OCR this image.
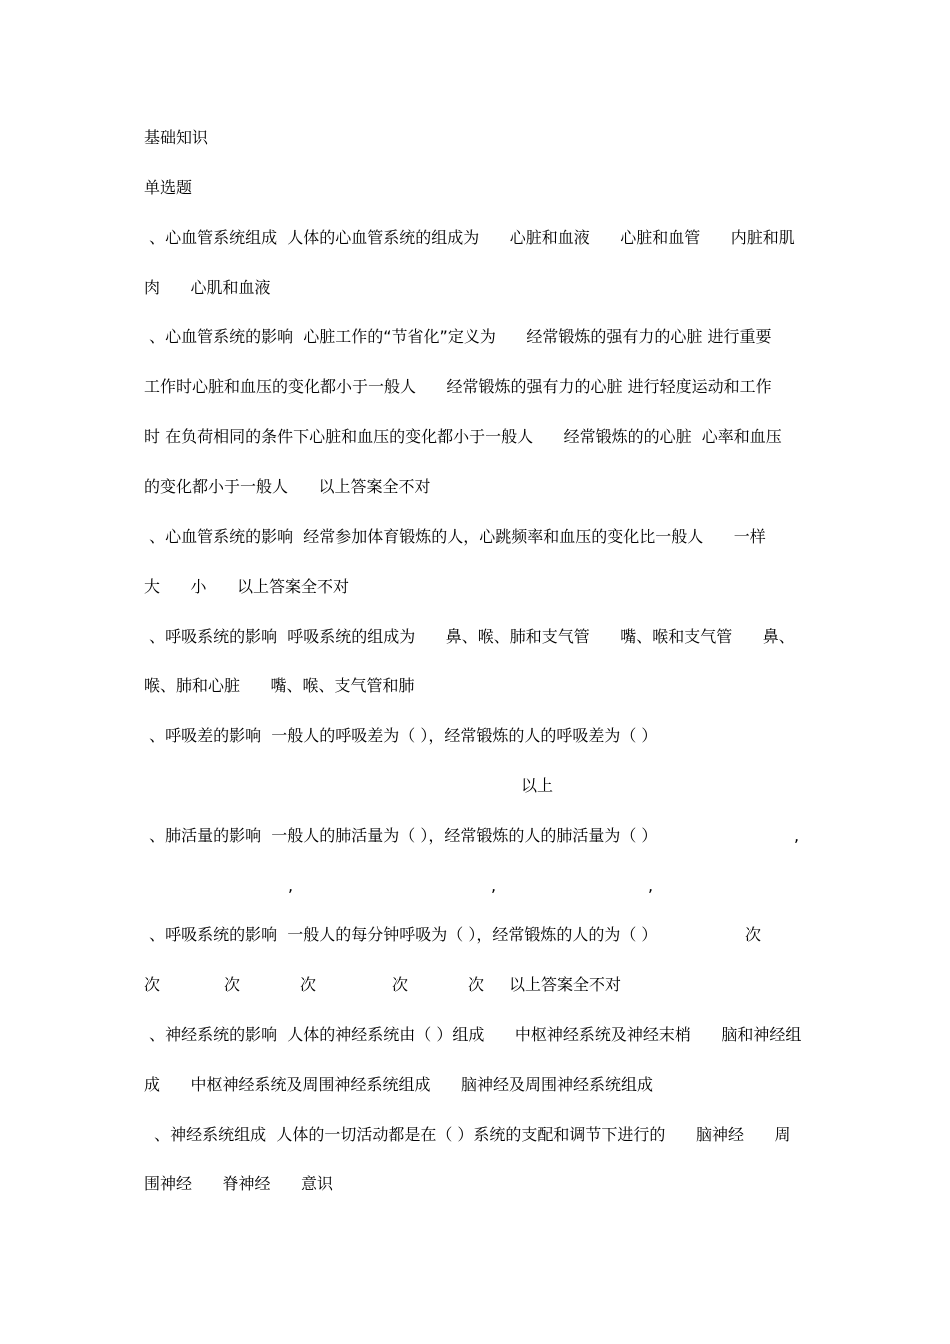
基础知识
单选题
、心血管系统组成  人体的心血管系统的组成为      心脏和血液      心脏和血管      内脏和肌
肉      心肌和血液
、心血管系统的影响  心脏工作的“节省化”定义为      经常锻炼的强有力的心脏 进行重要
工作时心脏和血压的变化都小于一般人      经常锻炼的强有力的心脏 进行轻度运动和工作
时 在负荷相同的条件下心脏和血压的变化都小于一般人      经常锻炼的的心脏  心率和血压
的变化都小于一般人      以上答案全不对
、心血管系统的影响  经常参加体育锻炼的人，心跳频率和血压的变化比一般人      一样
大      小      以上答案全不对
、呼吸系统的影响  呼吸系统的组成为      鼻、喉、肺和支气管      嘴、喉和支气管      鼻、
喉、肺和心脏      嘴、喉、支气管和肺
、呼吸差的影响  一般人的呼吸差为（ ），经常锻炼的人的呼吸差为（ ）
以上
、肺活量的影响  一般人的肺活量为（ ），经常锻炼的人的肺活量为（ ）	,
,	,	,
、呼吸系统的影响  一般人的每分钟呼吸为（ ），经常锻炼的人的为（ ）	次
次	次	次	次	次 以上答案全不对
、神经系统的影响  人体的神经系统由（ ）组成      中枢神经系统及神经末梢      脑和神经组
成      中枢神经系统及周围神经系统组成      脑神经及周围神经系统组成
、神经系统组成  人体的一切活动都是在（ ）系统的支配和调节下进行的      脑神经      周
围神经      脊神经      意识
